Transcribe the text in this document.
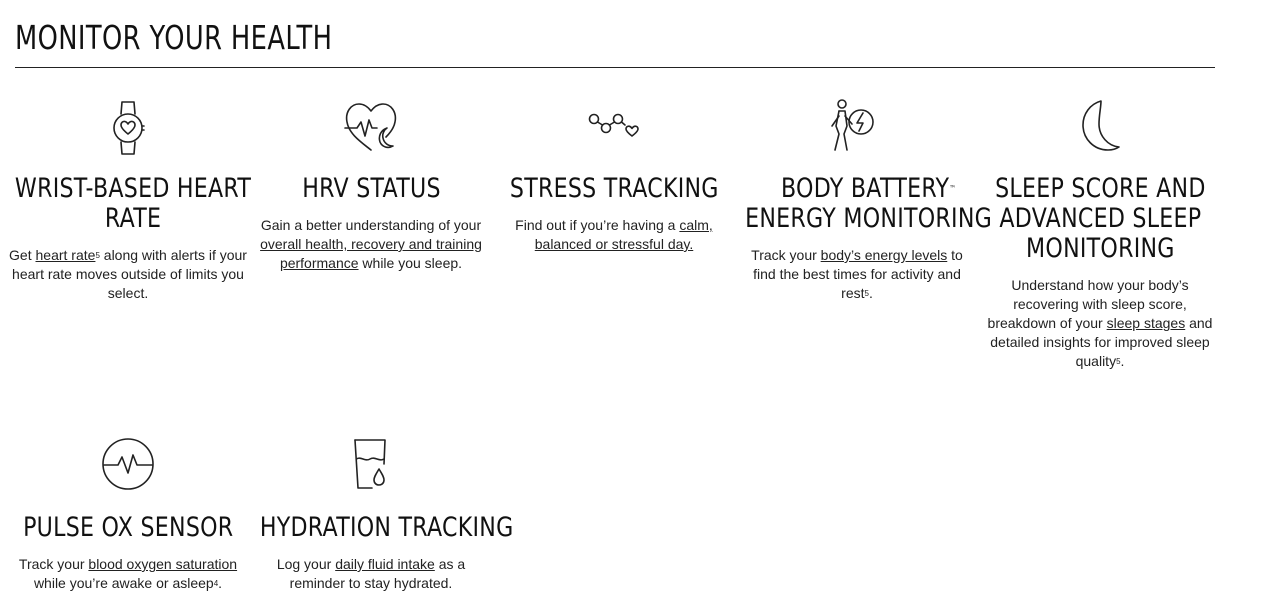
MONITOR YOUR HEALTH
WRIST-BASED HEART
RATE

Get heart rate$^5$ along with alerts if your heart rate moves outside of limits you select.

HRV STATUS

Gain a better understanding of your overall health, recovery and training performance while you sleep.

STRESS TRACKING

Find out if you’re having a calm, balanced or stressful day.

BODY BATTERY™
ENERGY MONITORING

Track your body’s energy levels to find the best times for activity and rest$^5$.

SLEEP SCORE AND
ADVANCED SLEEP
MONITORING

Understand how your body’s recovering with sleep score, breakdown of your sleep stages and detailed insights for improved sleep quality$^5$.

PULSE OX SENSOR

Track your blood oxygen saturation while you’re awake or asleep$^4$.

HYDRATION TRACKING

Log your daily fluid intake as a reminder to stay hydrated.
